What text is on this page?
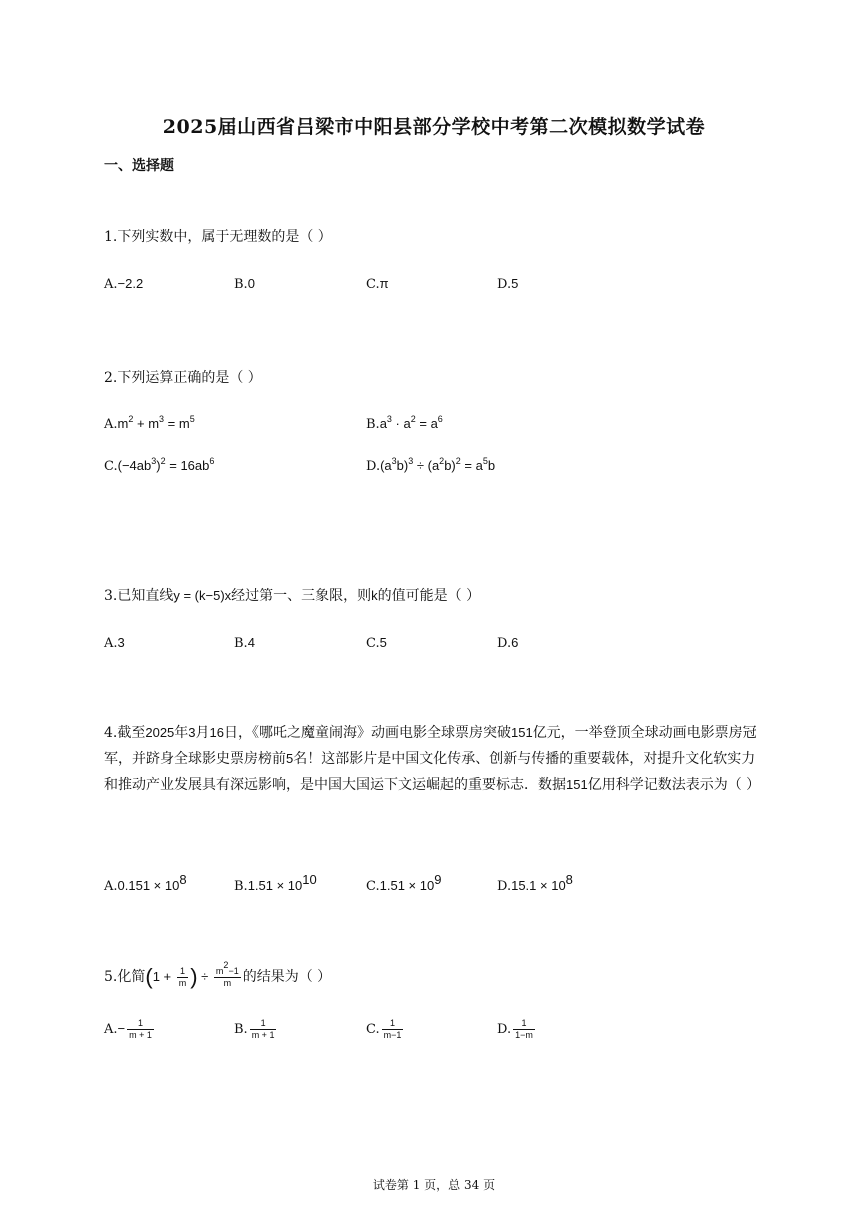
2025届山西省吕梁市中阳县部分学校中考第二次模拟数学试卷
一、选择题
1.下列实数中，属于无理数的是（ ）
A.−2.2	B.0	C.π	D.5
2.下列运算正确的是（ ）
$A.m^2 + m^3 = m^5$	$B.a^3 \cdot a^2 = a^6$
$C.(-4ab^3)^2 = 16ab^6$	$D.(a^3b)^3 \div (a^2b)^2 = a^5b$
3.已知直线y = (k−5)x经过第一、三象限，则k的值可能是（ ）
A.3	B.4	C.5	D.6
4.截至2025年3月16日，《哪吒之魔童闹海》动画电影全球票房突破151亿元，一举登顶全球动画电影票房冠军，并跻身全球影史票房榜前5名！这部影片是中国文化传承、创新与传播的重要载体，对提升文化软实力和推动产业发展具有深远影响，是中国大国运下文运崛起的重要标志．数据151亿用科学记数法表示为（ ）
$A.0.151 \times 10^8$	$B.1.51 \times 10^{10}$	$C.1.51 \times 10^9$	$D.15.1 \times 10^8$
5.化简($1 + \frac{1}{m}$ ) ÷ $\frac{m^2-1}{m}$ 的结果为（ ）
$A.- \frac{1}{m + 1}$	B. $\frac{1}{m + 1}$	C. $\frac{1}{m-1}$	D. $\frac{1}{1-m}$
试卷第 1 页，总 34 页
